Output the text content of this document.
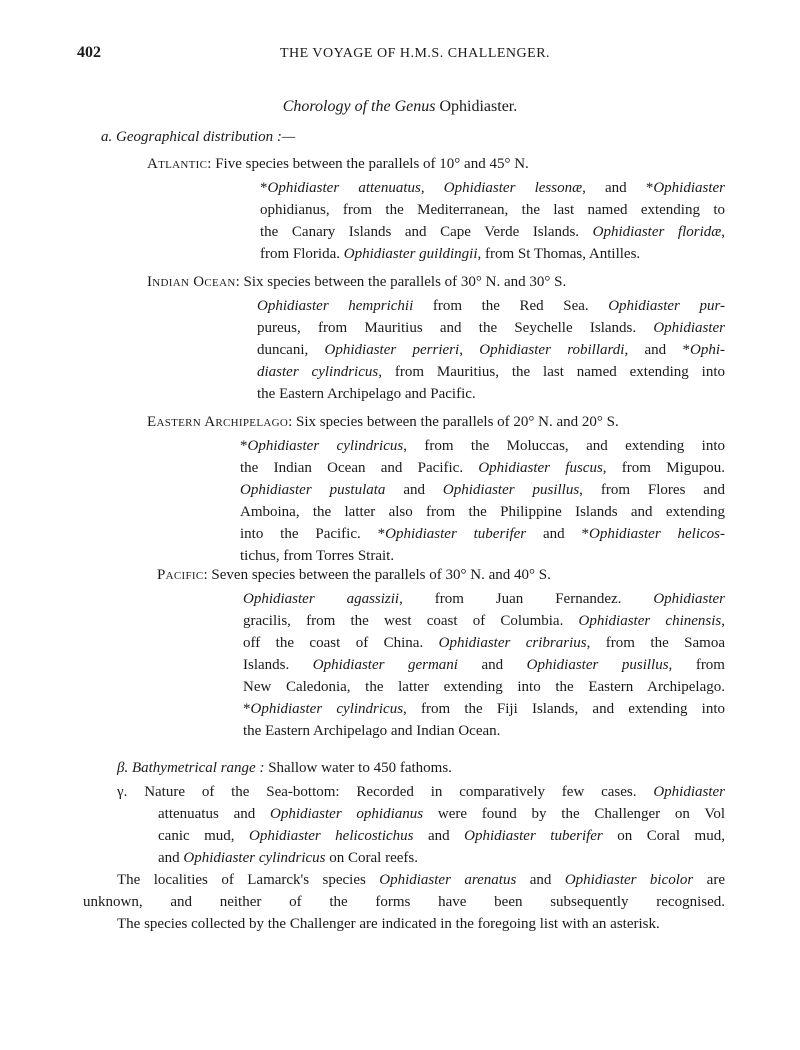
402	THE VOYAGE OF H.M.S. CHALLENGER.
Chorology of the Genus Ophidiaster.
a. Geographical distribution :—
Atlantic: Five species between the parallels of 10° and 45° N.
Indian Ocean: Six species between the parallels of 30° N. and 30° S.
Eastern Archipelago: Six species between the parallels of 20° N. and 20° S.
Pacific: Seven species between the parallels of 30° N. and 40° S.
β. Bathymetrical range : Shallow water to 450 fathoms.
*Ophidiaster attenuatus, Ophidiaster lessonæ, and *Ophidiaster
ophidianus, from the Mediterranean, the last named extending to
the Canary Islands and Cape Verde Islands. Ophidiaster floridæ,
from Florida. Ophidiaster guildingii, from St Thomas, Antilles.
Ophidiaster hemprichii from the Red Sea. Ophidiaster pur-
pureus, from Mauritius and the Seychelle Islands. Ophidiaster
duncani, Ophidiaster perrieri, Ophidiaster robillardi, and *Ophi-
diaster cylindricus, from Mauritius, the last named extending into
the Eastern Archipelago and Pacific.
*Ophidiaster cylindricus, from the Moluccas, and extending into
the Indian Ocean and Pacific. Ophidiaster fuscus, from Migupou.
Ophidiaster pustulata and Ophidiaster pusillus, from Flores and
Amboina, the latter also from the Philippine Islands and extending
into the Pacific. *Ophidiaster tuberifer and *Ophidiaster helicos-
tichus, from Torres Strait.
Ophidiaster agassizii, from Juan Fernandez. Ophidiaster
gracilis, from the west coast of Columbia. Ophidiaster chinensis,
off the coast of China. Ophidiaster cribrarius, from the Samoa
Islands. Ophidiaster germani and Ophidiaster pusillus, from
New Caledonia, the latter extending into the Eastern Archipelago.
*Ophidiaster cylindricus, from the Fiji Islands, and extending into
the Eastern Archipelago and Indian Ocean.
γ. Nature of the Sea-bottom: Recorded in comparatively few cases. Ophidiaster
attenuatus and Ophidiaster ophidianus were found by the Challenger on Vol
canic mud, Ophidiaster helicostichus and Ophidiaster tuberifer on Coral mud,
and Ophidiaster cylindricus on Coral reefs.
The localities of Lamarck's species Ophidiaster arenatus and Ophidiaster bicolor are
unknown, and neither of the forms have been subsequently recognised.
The species collected by the Challenger are indicated in the foregoing list with an asterisk.
